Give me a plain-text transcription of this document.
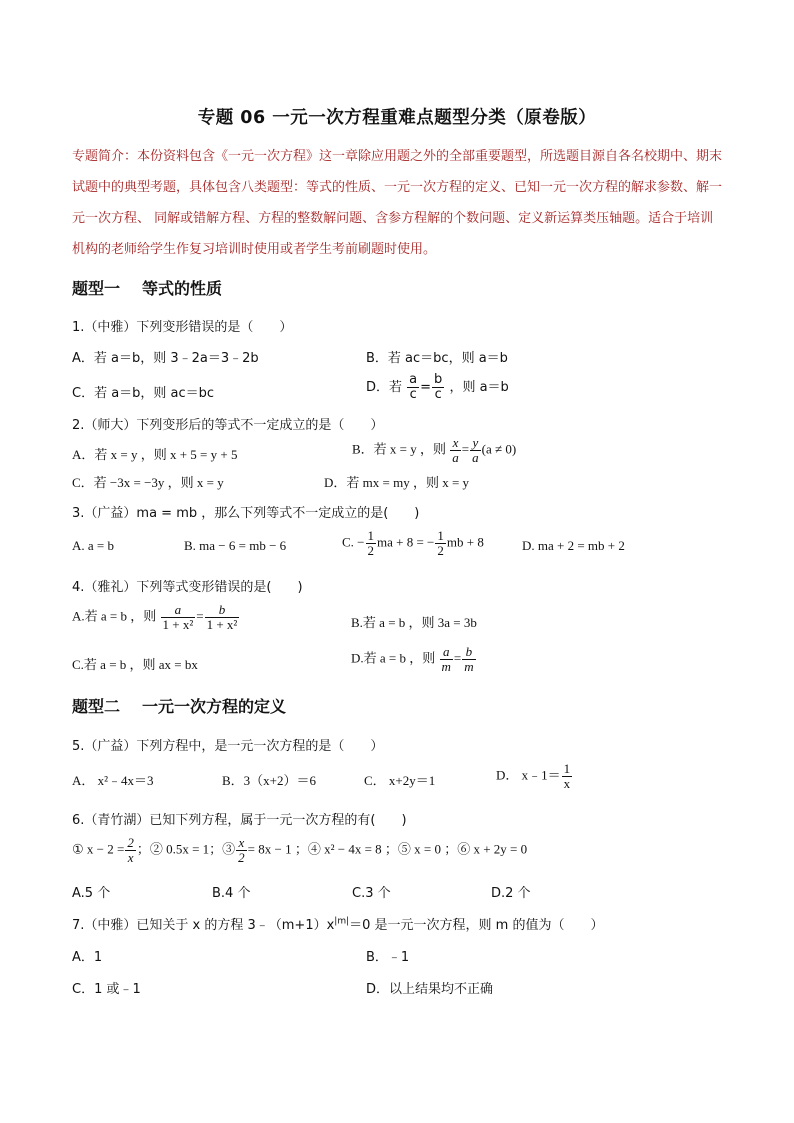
专题 06 一元一次方程重难点题型分类（原卷版）
专题简介：本份资料包含《一元一次方程》这一章除应用题之外的全部重要题型，所选题目源自各名校期中、期末试题中的典型考题，具体包含八类题型：等式的性质、一元一次方程的定义、已知一元一次方程的解求参数、解一元一次方程、 同解或错解方程、方程的整数解问题、含参方程解的个数问题、定义新运算类压轴题。适合于培训机构的老师给学生作复习培训时使用或者学生考前刷题时使用。
题型一 等式的性质
1.（中雅）下列变形错误的是（　　）
A．若 a＝b，则 3﹣2a＝3﹣2b	B．若 ac＝bc，则 a＝b
C．若 a＝b，则 ac＝bc	D．若 $\frac{a}{c} = \frac{b}{c}$ ，则 a＝b
2.（师大）下列变形后的等式不一定成立的是（　　）
A．若 x = y ，则 x + 5 = y + 5	B．若 x = y ，则 $\frac{x}{a} = \frac{y}{a} (a \ne 0)$
C．若 −3x = −3y ，则 x = y	D．若 mx = my ，则 x = y
3.（广益）ma = mb ，那么下列等式不一定成立的是(　　)
A. a = b	B. ma − 6 = mb − 6	C. − $\frac{1}{2}$ ma + 8 = − $\frac{1}{2}$ mb + 8	D. ma + 2 = mb + 2
4.（雅礼）下列等式变形错误的是(　　)
A.若 a = b ，则 $\frac{a}{\text{1 + x²}} = \frac{b}{\text{1 + x²}}$	B.若 a = b ，则 3a = 3b
C.若 a = b ，则 ax = bx	D.若 a = b ，则 $\frac{a}{m} = \frac{b}{m}$
题型二 一元一次方程的定义
5.（广益）下列方程中，是一元一次方程的是（　　）
A． x²﹣4x＝3	B．3（x+2）＝6	C． x+2y＝1	D． x﹣1＝ $\frac{1}{x}$
6.（青竹湖）已知下列方程，属于一元一次方程的有(　　)
① $x - 2 = \frac{2}{x}$ ；② 0.5x = 1；③ $\frac{x}{2} = 8x - 1$ ；④ x² − 4x = 8 ；⑤ x = 0 ；⑥ x + 2y = 0
A.5 个	B.4 个	C.3 个	D.2 个
7.（中雅）已知关于 x 的方程 $3﹣(m+1)x^{|m|}=0$ 是一元一次方程，则 m 的值为（　　）
A．1	B．﹣1
C．1 或﹣1	D．以上结果均不正确
